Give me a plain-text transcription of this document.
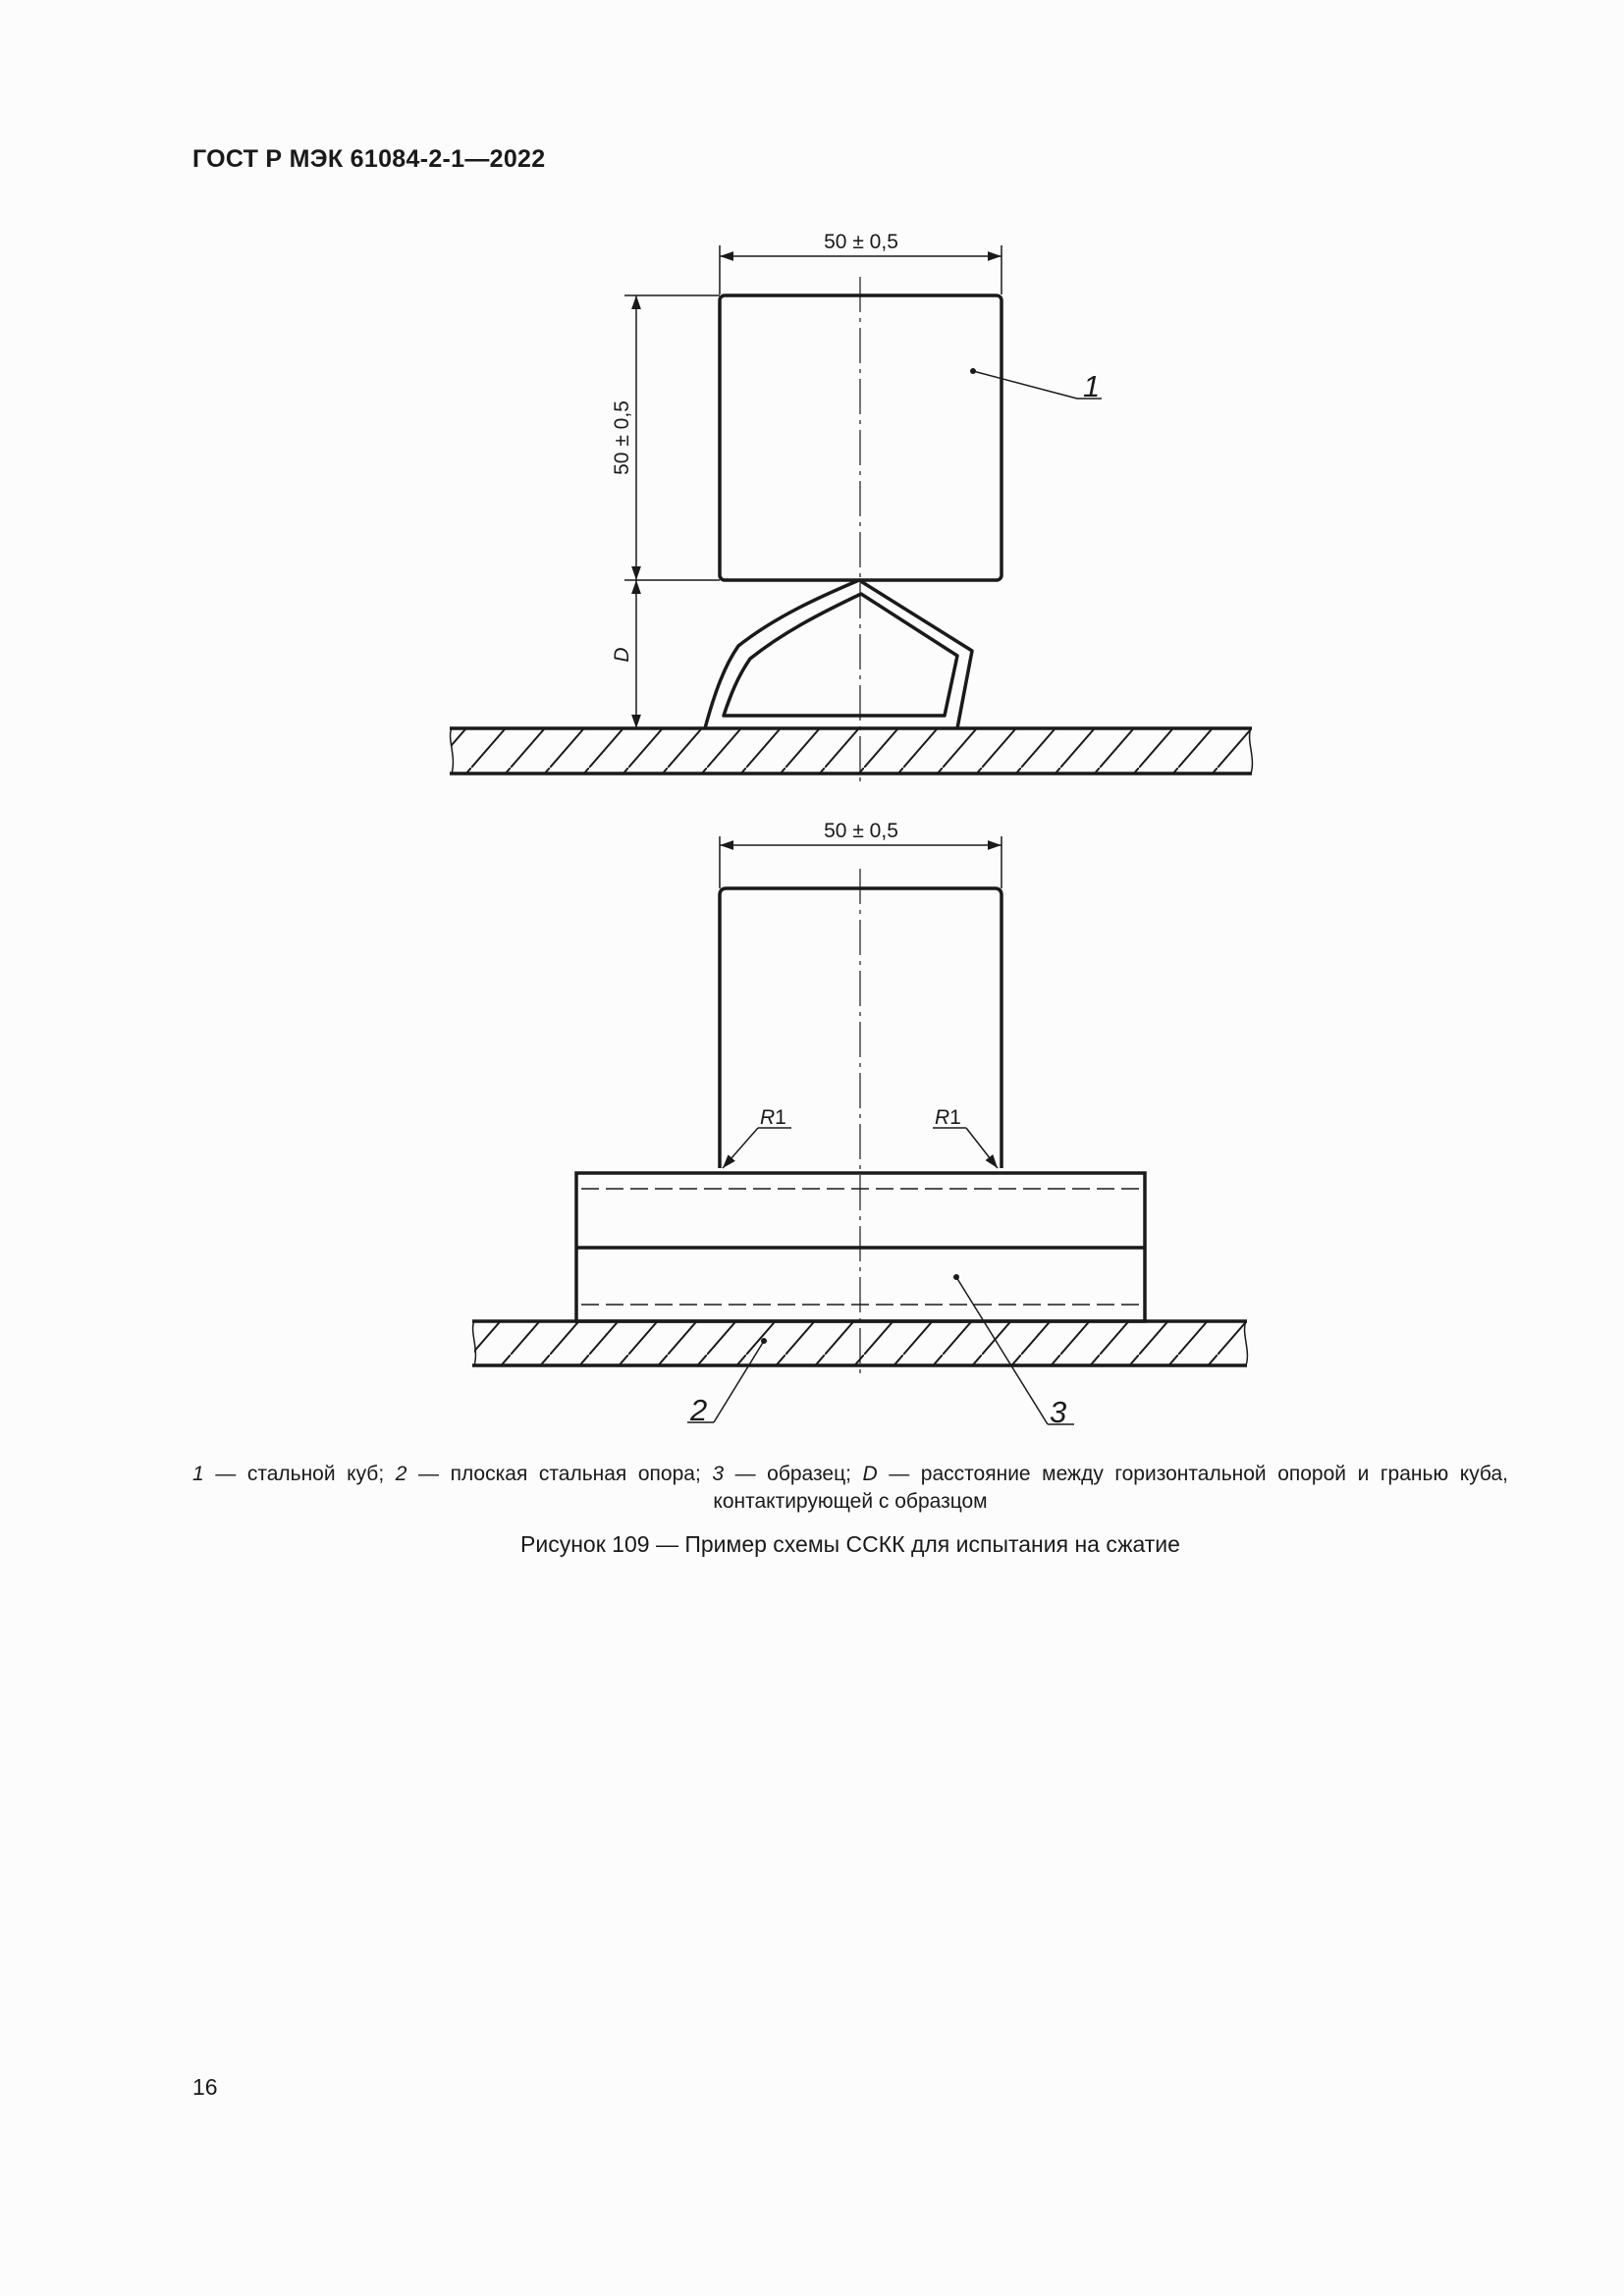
ГОСТ Р МЭК 61084-2-1—2022
50 ± 0,5
50 ± 0,5
D
1
50 ± 0,5
R1	R1
2	3
1 — стальной куб; 2 — плоская стальная опора; 3 — образец; D — расстояние между горизонтальной опорой и гранью куба,
контактирующей с образцом
Рисунок 109 — Пример схемы ССКК для испытания на сжатие
16
